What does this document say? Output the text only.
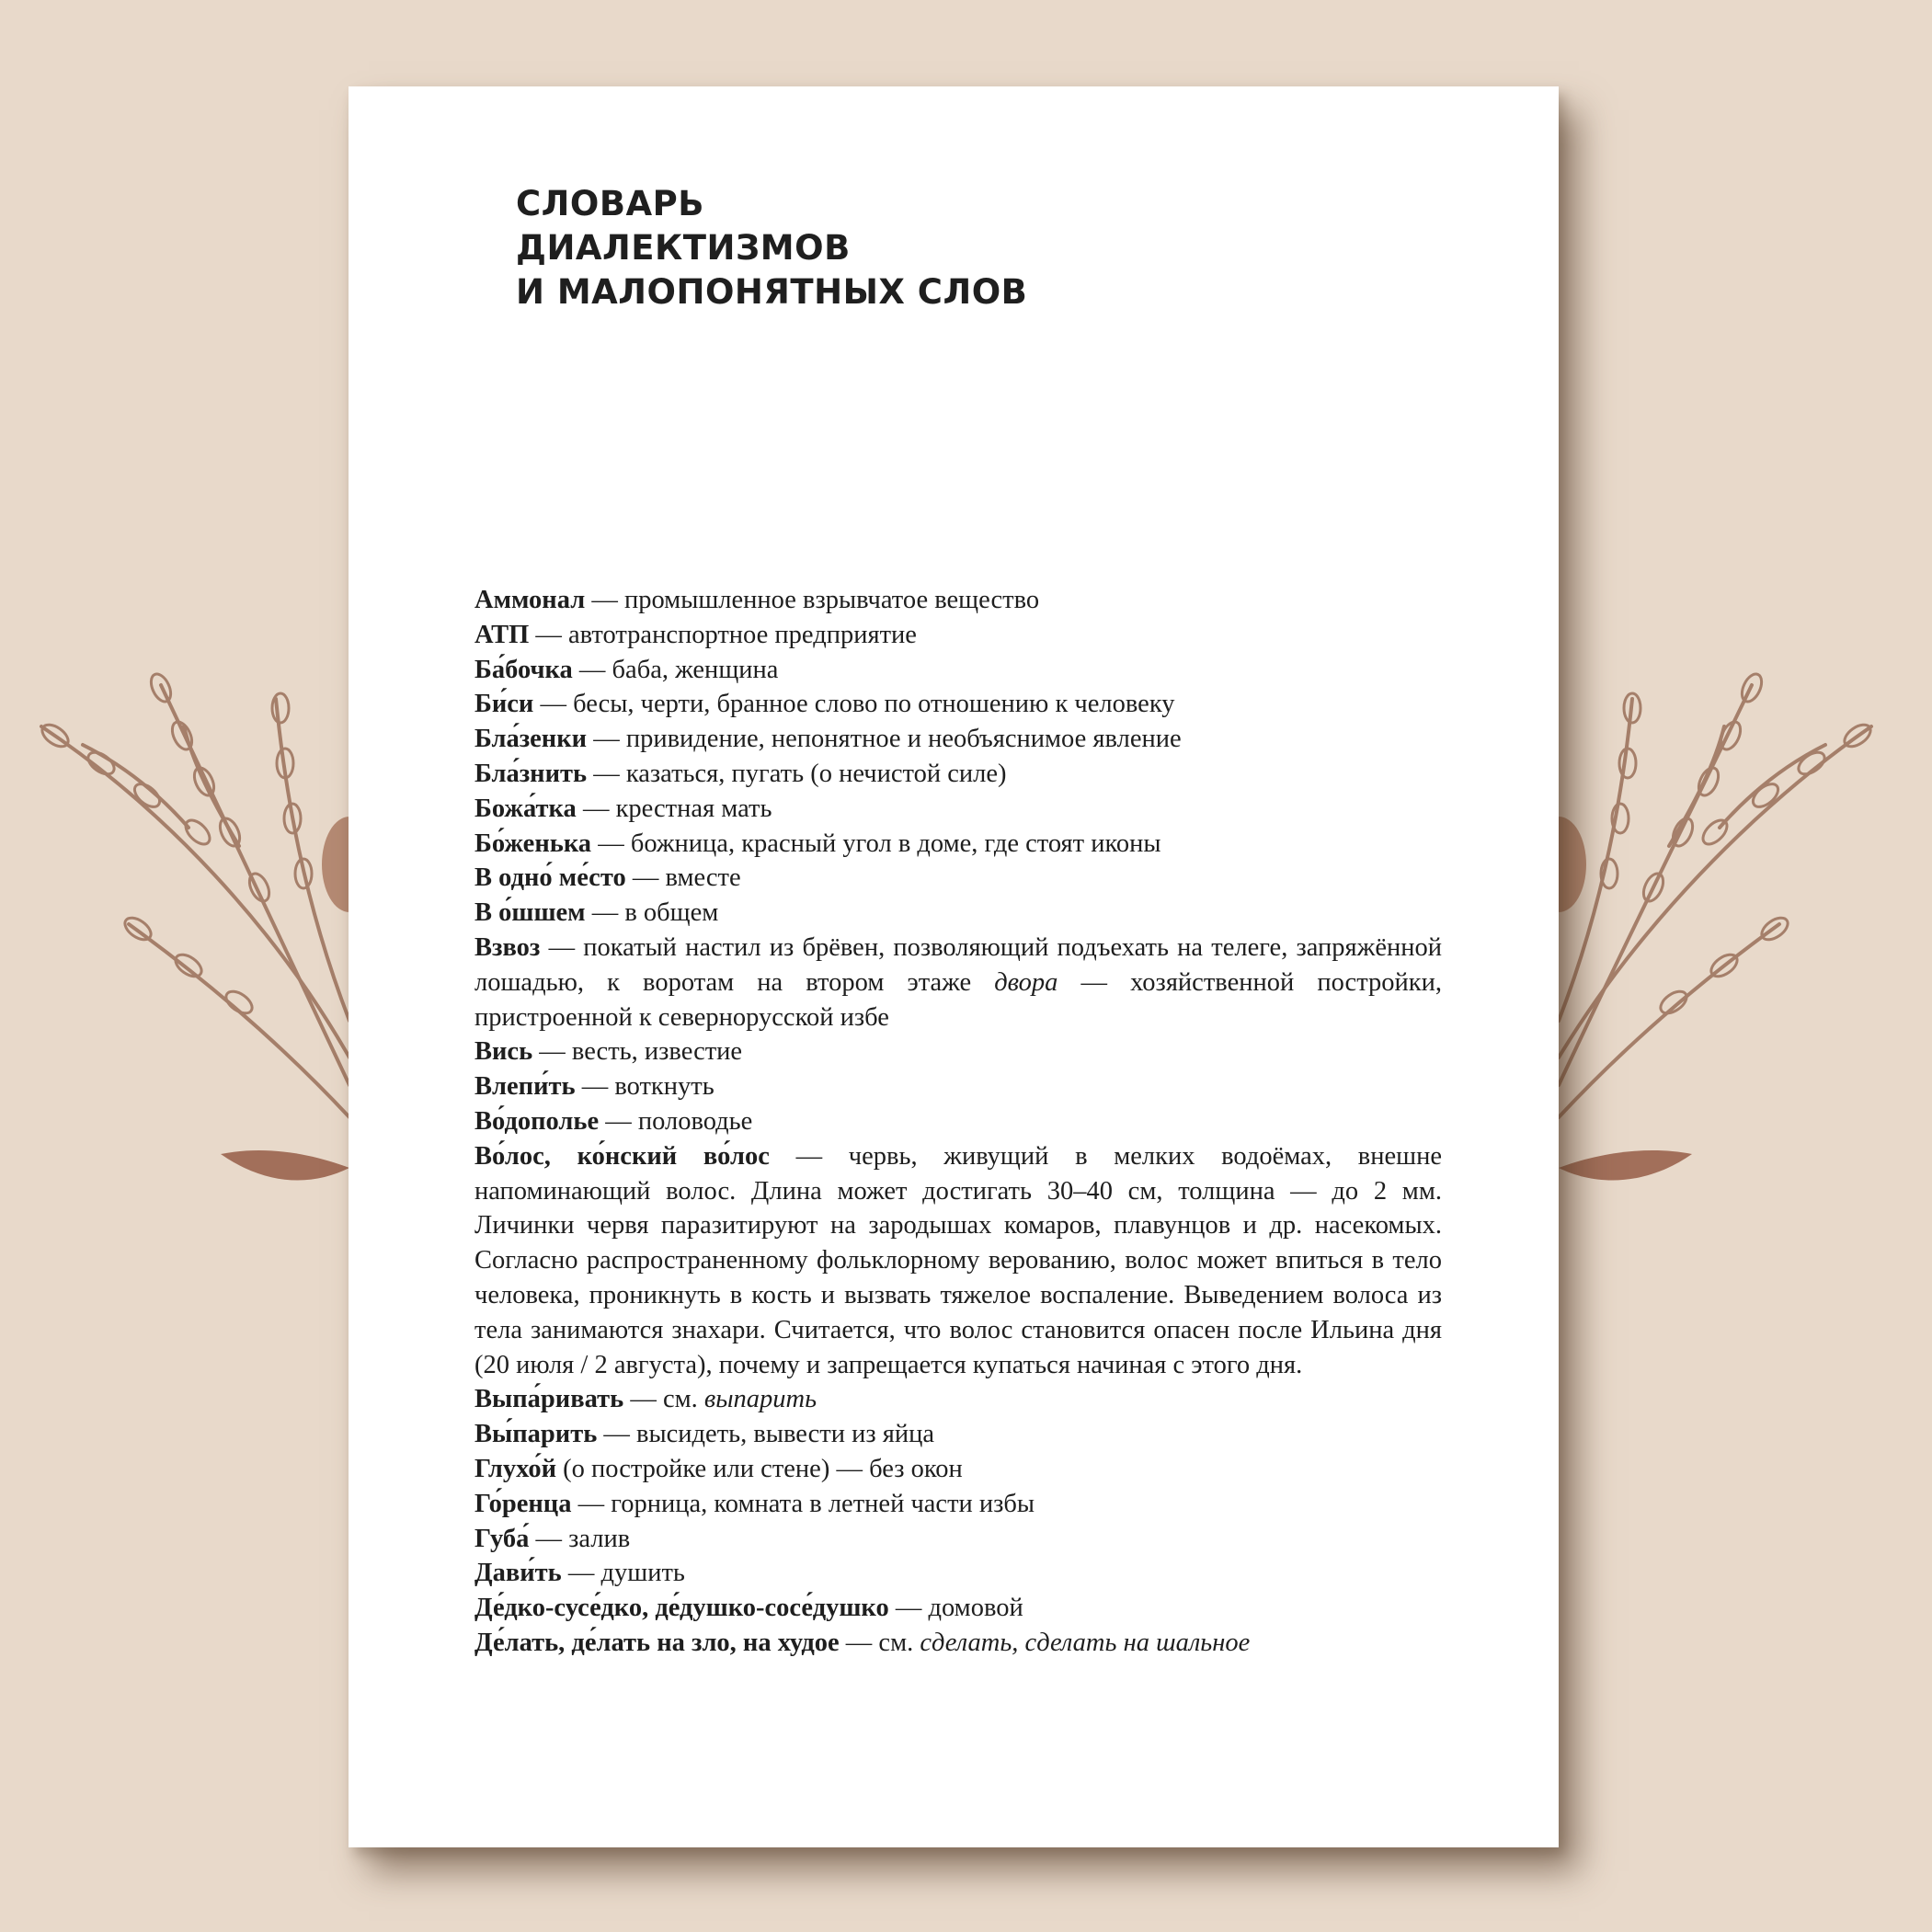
СЛОВАРЬ
ДИАЛЕКТИЗМОВ
И МАЛОПОНЯТНЫХ СЛОВ

Аммонал — промышленное взрывчатое вещество

АТП — автотранспортное предприятие

Ба́бочка — баба, женщина

Би́си — бесы, черти, бранное слово по отношению к человеку

Бла́зенки — привидение, непонятное и необъяснимое явление

Бла́знить — казаться, пугать (о нечистой силе)

Божа́тка — крестная мать

Бо́женька — божница, красный угол в доме, где стоят иконы

В одно́ ме́сто — вместе

В о́шшем — в общем

Взвоз — покатый настил из брёвен, позволяющий подъехать на телеге, запряжённой лошадью, к воротам на втором этаже двора — хозяйственной постройки, пристроенной к севернорусской избе

Вись — весть, известие

Влепи́ть — воткнуть

Во́дополье — половодье

Во́лос, ко́нский во́лос — червь, живущий в мелких водоёмах, внешне напоминающий волос. Длина может достигать 30–40 см, толщина — до 2 мм. Личинки червя паразитируют на зародышах комаров, плавунцов и др. насекомых. Согласно распространенному фольклорному верованию, волос может впиться в тело человека, проникнуть в кость и вызвать тяжелое воспаление. Выведением волоса из тела занимаются знахари. Считается, что волос становится опасен после Ильина дня (20 июля / 2 августа), почему и запрещается купаться начиная с этого дня.

Выпа́ривать — см. выпарить

Вы́парить — высидеть, вывести из яйца

Глухо́й (о постройке или стене) — без окон

Го́ренца — горница, комната в летней части избы

Губа́ — залив

Дави́ть — душить

Де́дко-сусе́дко, де́душко-сосе́душко — домовой

Де́лать, де́лать на зло, на худое — см. сделать, сделать на шальное
